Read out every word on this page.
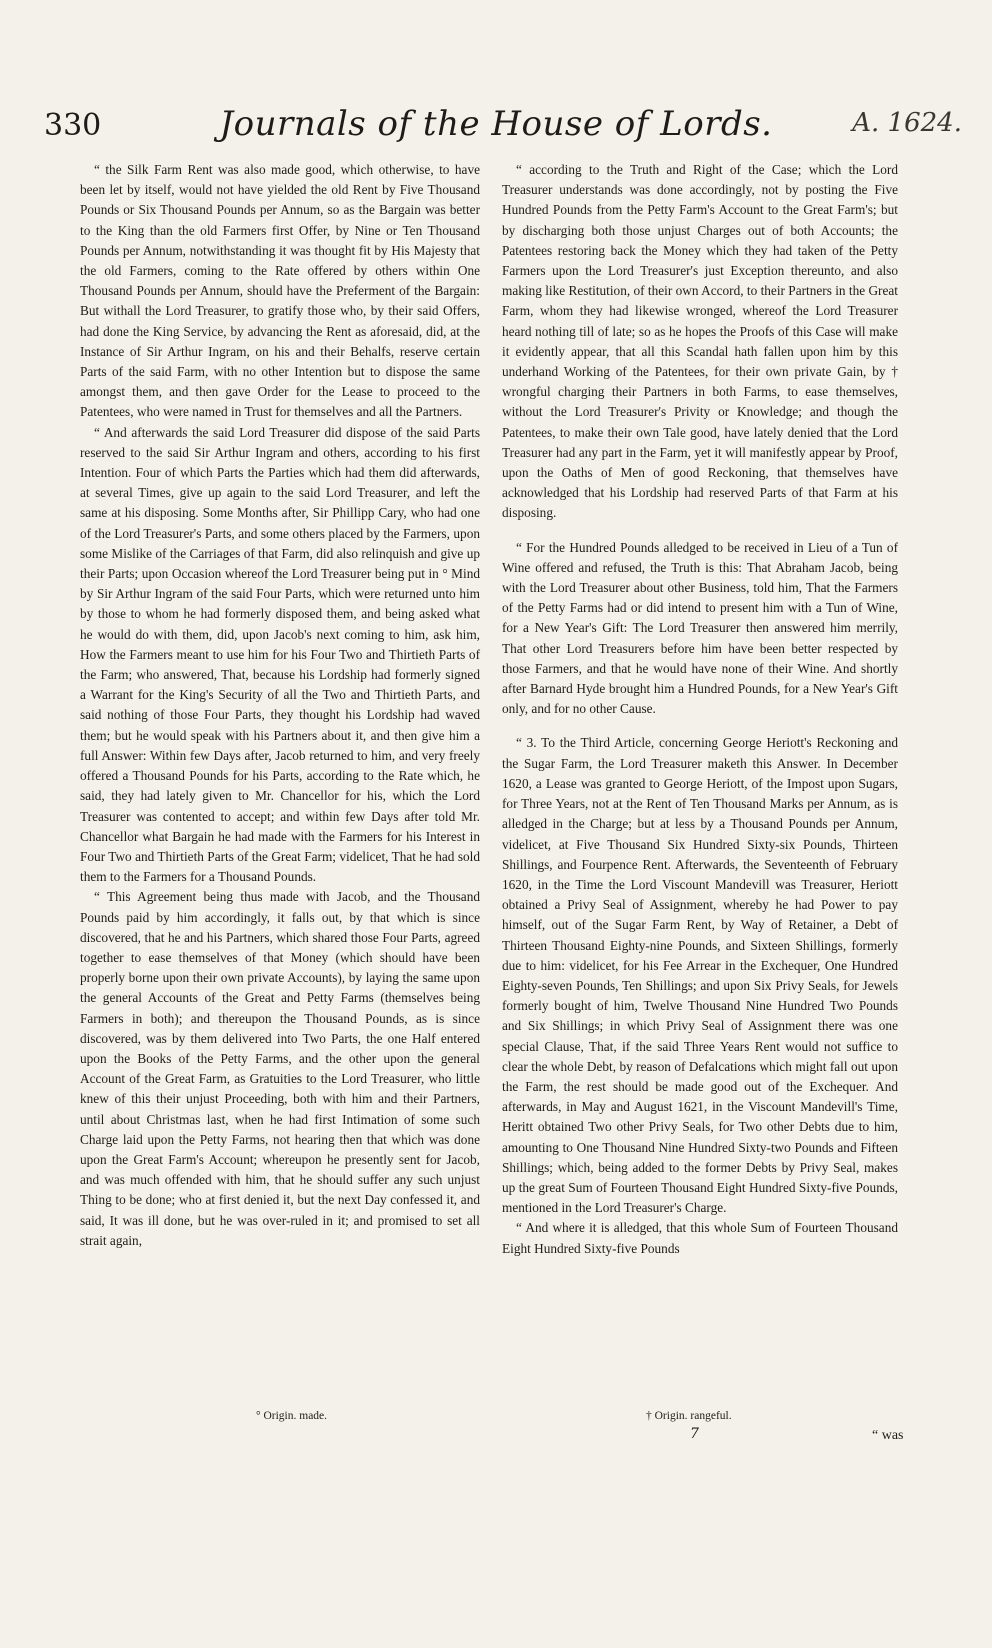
330	Journals of the House of Lords.	A. 1624.

“ the Silk Farm Rent was also made good, which otherwise, to have been let by itself, would not have yielded the old Rent by Five Thousand Pounds or Six Thousand Pounds per Annum, so as the Bargain was better to the King than the old Farmers first Offer, by Nine or Ten Thousand Pounds per Annum, notwithstanding it was thought fit by His Majesty that the old Farmers, coming to the Rate offered by others within One Thousand Pounds per Annum, should have the Preferment of the Bargain: But withall the Lord Treasurer, to gratify those who, by their said Offers, had done the King Service, by advancing the Rent as aforesaid, did, at the Instance of Sir Arthur Ingram, on his and their Behalfs, reserve certain Parts of the said Farm, with no other Intention but to dispose the same amongst them, and then gave Order for the Lease to proceed to the Patentees, who were named in Trust for themselves and all the Partners.

“ And afterwards the said Lord Treasurer did dispose of the said Parts reserved to the said Sir Arthur Ingram and others, according to his first Intention. Four of which Parts the Parties which had them did afterwards, at several Times, give up again to the said Lord Treasurer, and left the same at his disposing. Some Months after, Sir Phillipp Cary, who had one of the Lord Treasurer's Parts, and some others placed by the Farmers, upon some Mislike of the Carriages of that Farm, did also relinquish and give up their Parts; upon Occasion whereof the Lord Treasurer being put in ° Mind by Sir Arthur Ingram of the said Four Parts, which were returned unto him by those to whom he had formerly disposed them, and being asked what he would do with them, did, upon Jacob's next coming to him, ask him, How the Farmers meant to use him for his Four Two and Thirtieth Parts of the Farm; who answered, That, because his Lordship had formerly signed a Warrant for the King's Security of all the Two and Thirtieth Parts, and said nothing of those Four Parts, they thought his Lordship had waved them; but he would speak with his Partners about it, and then give him a full Answer: Within few Days after, Jacob returned to him, and very freely offered a Thousand Pounds for his Parts, according to the Rate which, he said, they had lately given to Mr. Chancellor for his, which the Lord Treasurer was contented to accept; and within few Days after told Mr. Chancellor what Bargain he had made with the Farmers for his Interest in Four Two and Thirtieth Parts of the Great Farm; videlicet, That he had sold them to the Farmers for a Thousand Pounds.

“ This Agreement being thus made with Jacob, and the Thousand Pounds paid by him accordingly, it falls out, by that which is since discovered, that he and his Partners, which shared those Four Parts, agreed together to ease themselves of that Money (which should have been properly borne upon their own private Accounts), by laying the same upon the general Accounts of the Great and Petty Farms (themselves being Farmers in both); and thereupon the Thousand Pounds, as is since discovered, was by them delivered into Two Parts, the one Half entered upon the Books of the Petty Farms, and the other upon the general Account of the Great Farm, as Gratuities to the Lord Treasurer, who little knew of this their unjust Proceeding, both with him and their Partners, until about Christmas last, when he had first Intimation of some such Charge laid upon the Petty Farms, not hearing then that which was done upon the Great Farm's Account; whereupon he presently sent for Jacob, and was much offended with him, that he should suffer any such unjust Thing to be done; who at first denied it, but the next Day confessed it, and said, It was ill done, but he was over-ruled in it; and promised to set all strait again,

“ according to the Truth and Right of the Case; which the Lord Treasurer understands was done accordingly, not by posting the Five Hundred Pounds from the Petty Farm's Account to the Great Farm's; but by discharging both those unjust Charges out of both Accounts; the Patentees restoring back the Money which they had taken of the Petty Farmers upon the Lord Treasurer's just Exception thereunto, and also making like Restitution, of their own Accord, to their Partners in the Great Farm, whom they had likewise wronged, whereof the Lord Treasurer heard nothing till of late; so as he hopes the Proofs of this Case will make it evidently appear, that all this Scandal hath fallen upon him by this underhand Working of the Patentees, for their own private Gain, by † wrongful charging their Partners in both Farms, to ease themselves, without the Lord Treasurer's Privity or Knowledge; and though the Patentees, to make their own Tale good, have lately denied that the Lord Treasurer had any part in the Farm, yet it will manifestly appear by Proof, upon the Oaths of Men of good Reckoning, that themselves have acknowledged that his Lordship had reserved Parts of that Farm at his disposing.

“ For the Hundred Pounds alledged to be received in Lieu of a Tun of Wine offered and refused, the Truth is this: That Abraham Jacob, being with the Lord Treasurer about other Business, told him, That the Farmers of the Petty Farms had or did intend to present him with a Tun of Wine, for a New Year's Gift: The Lord Treasurer then answered him merrily, That other Lord Treasurers before him have been better respected by those Farmers, and that he would have none of their Wine. And shortly after Barnard Hyde brought him a Hundred Pounds, for a New Year's Gift only, and for no other Cause.

“ 3. To the Third Article, concerning George Heriott's Reckoning and the Sugar Farm, the Lord Treasurer maketh this Answer. In December 1620, a Lease was granted to George Heriott, of the Impost upon Sugars, for Three Years, not at the Rent of Ten Thousand Marks per Annum, as is alledged in the Charge; but at less by a Thousand Pounds per Annum, videlicet, at Five Thousand Six Hundred Sixty-six Pounds, Thirteen Shillings, and Fourpence Rent. Afterwards, the Seventeenth of February 1620, in the Time the Lord Viscount Mandevill was Treasurer, Heriott obtained a Privy Seal of Assignment, whereby he had Power to pay himself, out of the Sugar Farm Rent, by Way of Retainer, a Debt of Thirteen Thousand Eighty-nine Pounds, and Sixteen Shillings, formerly due to him: videlicet, for his Fee Arrear in the Exchequer, One Hundred Eighty-seven Pounds, Ten Shillings; and upon Six Privy Seals, for Jewels formerly bought of him, Twelve Thousand Nine Hundred Two Pounds and Six Shillings; in which Privy Seal of Assignment there was one special Clause, That, if the said Three Years Rent would not suffice to clear the whole Debt, by reason of Defalcations which might fall out upon the Farm, the rest should be made good out of the Exchequer. And afterwards, in May and August 1621, in the Viscount Mandevill's Time, Heritt obtained Two other Privy Seals, for Two other Debts due to him, amounting to One Thousand Nine Hundred Sixty-two Pounds and Fifteen Shillings; which, being added to the former Debts by Privy Seal, makes up the great Sum of Fourteen Thousand Eight Hundred Sixty-five Pounds, mentioned in the Lord Treasurer's Charge.

“ And where it is alledged, that this whole Sum of Fourteen Thousand Eight Hundred Sixty-five Pounds

° Origin. made.	† Origin. rangeful.
7	“ was
